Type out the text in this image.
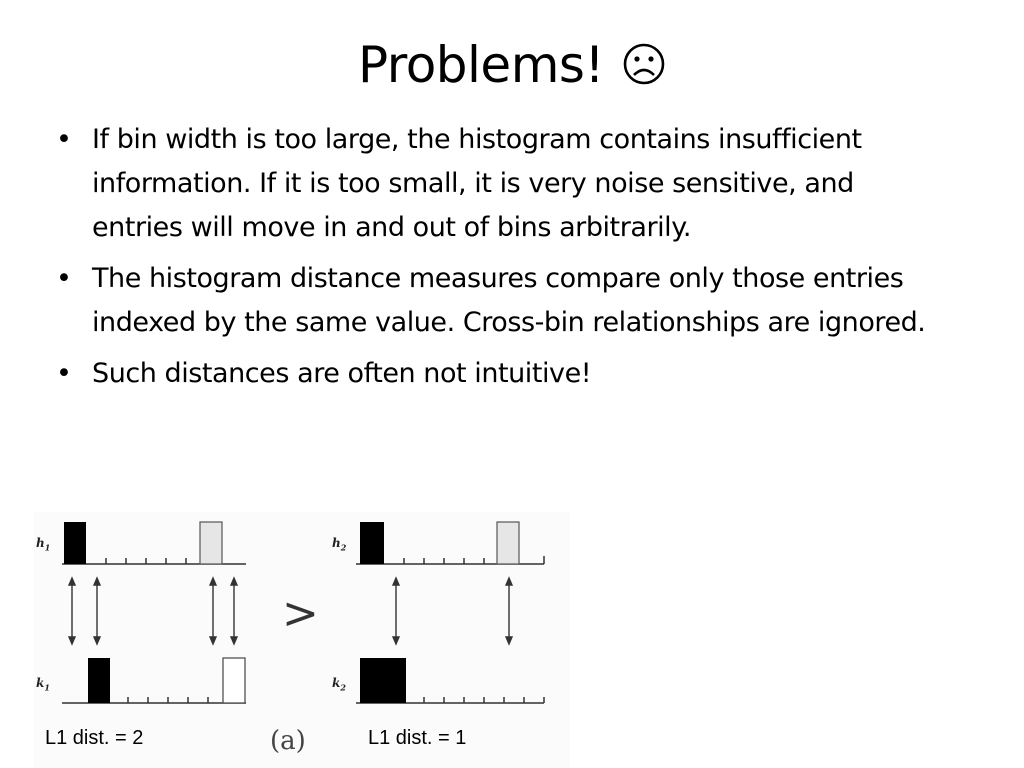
Problems!
• If bin width is too large, the histogram contains insufficient information. If it is too small, it is very noise sensitive, and entries will move in and out of bins arbitrarily.
• The histogram distance measures compare only those entries indexed by the same value. Cross-bin relationships are ignored.
• Such distances are often not intuitive!
$h_1$
$k_1$
$h_2$
$k_2$
>
L1 dist. = 2	(a)	L1 dist. = 1
